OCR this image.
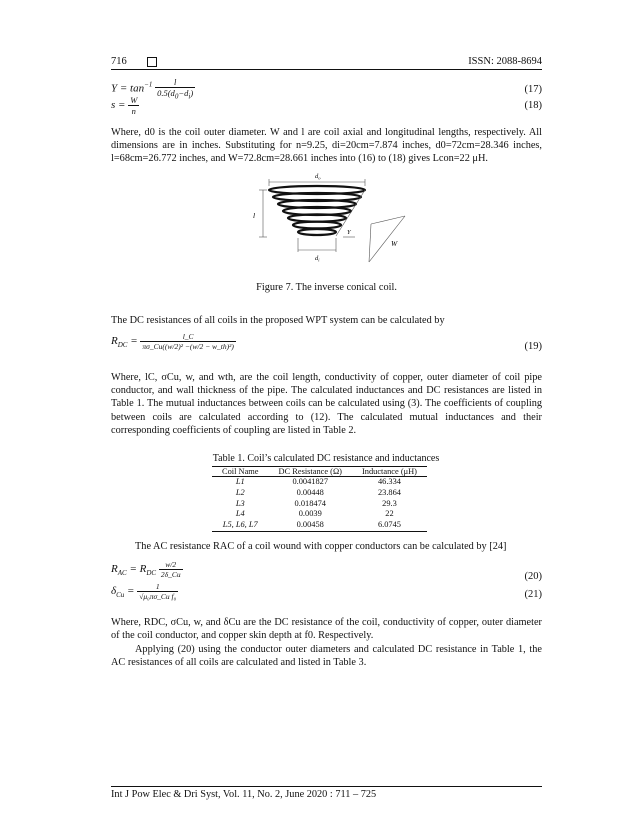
716	ISSN: 2088-8694
$\Upsilon = \tan^{-1} \frac{l}{0.5(d_0-d_i)}$	(17)
$s = \frac{W}{n}$	(18)

Where, d0 is the coil outer diameter. W and l are coil axial and longitudinal lengths, respectively. All dimensions are in inches. Substituting for n=9.25, di=20cm=7.874 inches, d0=72cm=28.346 inches, l=68cm=26.772 inches, and W=72.8cm=28.661 inches into (16) to (18) gives Lcon=22 μH.

$d_o$
l
$d_i$
Υ
W
Figure 7. The inverse conical coil.

The DC resistances of all coils in the proposed WPT system can be calculated by

$R_{DC} = \frac{l\_C}{\text{πσ\_Cu((w/2)² −(w/2 − w\_th)²)}}$	(19)

Where, lC, σCu, w, and wth, are the coil length, conductivity of copper, outer diameter of coil pipe conductor, and wall thickness of the pipe. The calculated inductances and DC resistances are listed in Table 1. The mutual inductances between coils can be calculated using (3). The coefficients of coupling between coils are calculated according to (12). The calculated mutual inductances and their corresponding coefficients of coupling are listed in Table 2.

Table 1. Coil’s calculated DC resistance and inductances
Coil Name	DC Resistance (Ω)	Inductance (μH)
L1	0.0041827	46.334
L2	0.00448	23.864
L3	0.018474	29.3
L4	0.0039	22
L5, L6, L7	0.00458	6.0745

The AC resistance RAC of a coil wound with copper conductors can be calculated by [24]

$R_{AC} = R_{DC} \frac{w/2}{2\delta\_Cu}$	(20)
$\delta_{Cu} = \frac{1}{\text{√μ₀πσ\_Cu f₀}}$	(21)

Where, RDC, σCu, w, and δCu are the DC resistance of the coil, conductivity of copper, outer diameter of the coil conductor, and copper skin depth at f0. Respectively.

Applying (20) using the conductor outer diameters and calculated DC resistance in Table 1, the AC resistances of all coils are calculated and listed in Table 3.

Int J Pow Elec & Dri Syst, Vol. 11, No. 2, June 2020 : 711 – 725
